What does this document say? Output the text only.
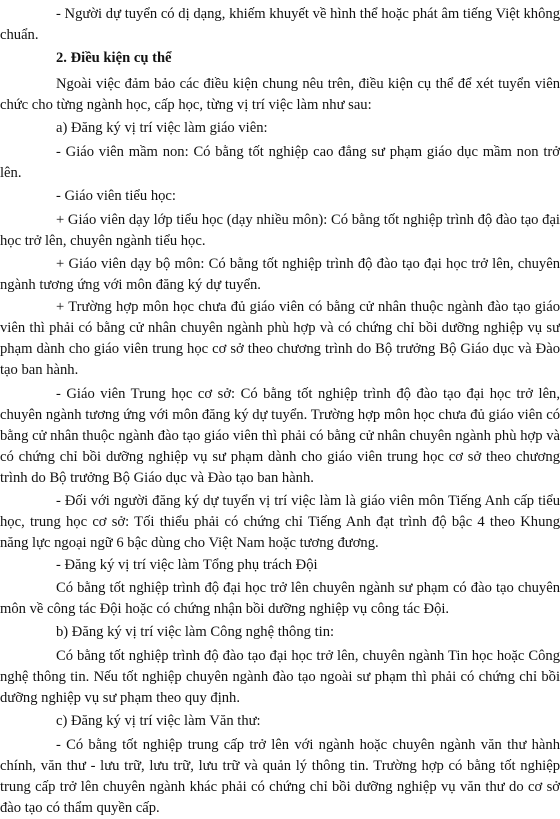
- Người dự tuyển có dị dạng, khiếm khuyết về hình thể hoặc phát âm tiếng Việt không chuẩn.

2. Điều kiện cụ thể

Ngoài việc đảm bảo các điều kiện chung nêu trên, điều kiện cụ thể để xét tuyển viên chức cho từng ngành học, cấp học, từng vị trí việc làm như sau:

a) Đăng ký vị trí việc làm giáo viên:

- Giáo viên mầm non: Có bằng tốt nghiệp cao đẳng sư phạm giáo dục mầm non trở lên.

- Giáo viên tiểu học:

+ Giáo viên dạy lớp tiểu học (dạy nhiều môn): Có bằng tốt nghiệp trình độ đào tạo đại học trở lên, chuyên ngành tiểu học.

+ Giáo viên dạy bộ môn: Có bằng tốt nghiệp trình độ đào tạo đại học trở lên, chuyên ngành tương ứng với môn đăng ký dự tuyển.

+ Trường hợp môn học chưa đủ giáo viên có bằng cử nhân thuộc ngành đào tạo giáo viên thì phải có bằng cử nhân chuyên ngành phù hợp và có chứng chỉ bồi dưỡng nghiệp vụ sư phạm dành cho giáo viên trung học cơ sở theo chương trình do Bộ trưởng Bộ Giáo dục và Đào tạo ban hành.

- Giáo viên Trung học cơ sở: Có bằng tốt nghiệp trình độ đào tạo đại học trở lên, chuyên ngành tương ứng với môn đăng ký dự tuyển. Trường hợp môn học chưa đủ giáo viên có bằng cử nhân thuộc ngành đào tạo giáo viên thì phải có bằng cử nhân chuyên ngành phù hợp và có chứng chỉ bồi dưỡng nghiệp vụ sư phạm dành cho giáo viên trung học cơ sở theo chương trình do Bộ trưởng Bộ Giáo dục và Đào tạo ban hành.

- Đối với người đăng ký dự tuyển vị trí việc làm là giáo viên môn Tiếng Anh cấp tiểu học, trung học cơ sở: Tối thiểu phải có chứng chỉ Tiếng Anh đạt trình độ bậc 4 theo Khung năng lực ngoại ngữ 6 bậc dùng cho Việt Nam hoặc tương đương.

- Đăng ký vị trí việc làm Tổng phụ trách Đội

Có bằng tốt nghiệp trình độ đại học trở lên chuyên ngành sư phạm có đào tạo chuyên môn về công tác Đội hoặc có chứng nhận bồi dưỡng nghiệp vụ công tác Đội.

b) Đăng ký vị trí việc làm Công nghệ thông tin:

Có bằng tốt nghiệp trình độ đào tạo đại học trở lên, chuyên ngành Tin học hoặc Công nghệ thông tin. Nếu tốt nghiệp chuyên ngành đào tạo ngoài sư phạm thì phải có chứng chỉ bồi dưỡng nghiệp vụ sư phạm theo quy định.

c) Đăng ký vị trí việc làm Văn thư:

- Có bằng tốt nghiệp trung cấp trở lên với ngành hoặc chuyên ngành văn thư hành chính, văn thư - lưu trữ, lưu trữ, lưu trữ và quản lý thông tin. Trường hợp có bằng tốt nghiệp trung cấp trở lên chuyên ngành khác phải có chứng chỉ bồi dưỡng nghiệp vụ văn thư do cơ sở đào tạo có thẩm quyền cấp.
